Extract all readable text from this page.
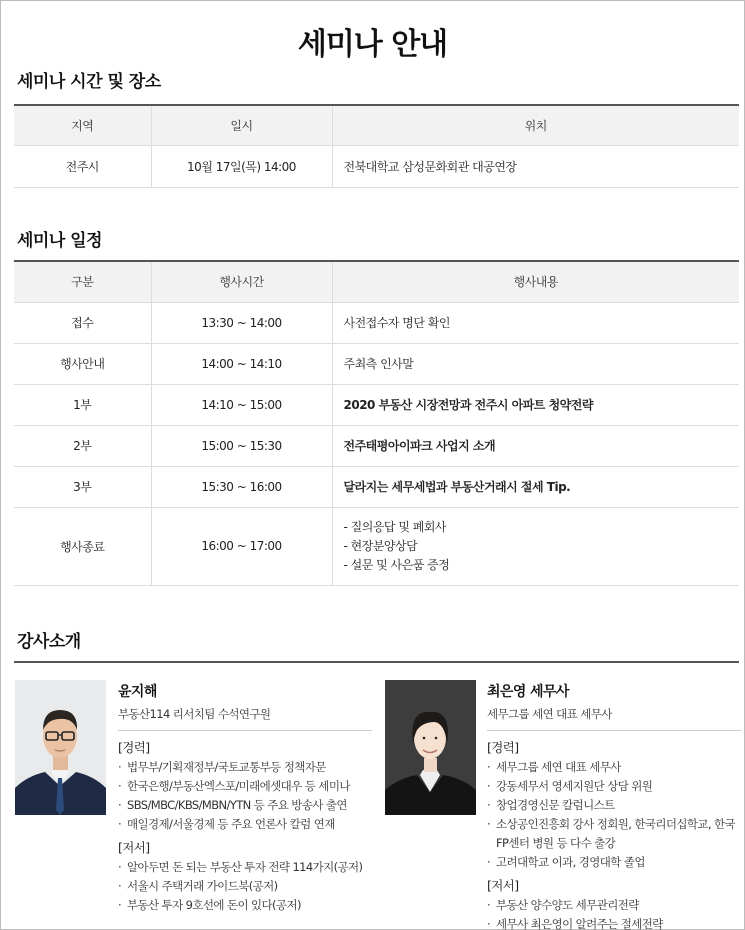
세미나 안내
세미나 시간 및 장소
지역	일시	위치
전주시	10월 17일(목) 14:00	전북대학교 삼성문화회관 대공연장
세미나 일정
구분	행사시간	행사내용
접수	13:30 ~ 14:00	사전접수자 명단 확인
행사안내	14:00 ~ 14:10	주최측 인사말
1부	14:10 ~ 15:00	2020 부동산 시장전망과 전주시 아파트 청약전략
2부	15:00 ~ 15:30	전주태평아이파크 사업지 소개
3부	15:30 ~ 16:00	달라지는 세무세법과 부동산거래시 절세 Tip.
행사종료	16:00 ~ 17:00	- 질의응답 및 폐회사
- 현장분양상담
- 설문 및 사은품 증정
강사소개
윤지해
부동산114 리서치팀 수석연구원
[경력]
· 법무부/기획재정부/국토교통부등 정책자문
· 한국은행/부동산엑스포/미래에셋대우 등 세미나
· SBS/MBC/KBS/MBN/YTN 등 주요 방송사 출연
· 매일경제/서울경제 등 주요 언론사 칼럼 연재
[저서]
· 알아두면 돈 되는 부동산 투자 전략 114가지(공저)
· 서울시 주택거래 가이드북(공저)
· 부동산 투자 9호선에 돈이 있다(공저)
최은영 세무사
세무그룹 세연 대표 세무사
[경력]
· 세무그룹 세연 대표 세무사
· 강동세무서 영세지원단 상담 위원
· 창업경영신문 칼럼니스트
· 소상공인진흥회 강사 정회원, 한국리더십학교, 한국FP센터 병원 등 다수 출강
· 고려대학교 이과, 경영대학 졸업
[저서]
· 부동산 양수양도 세무관리전략
· 세무사 최은영이 알려주는 절세전략
